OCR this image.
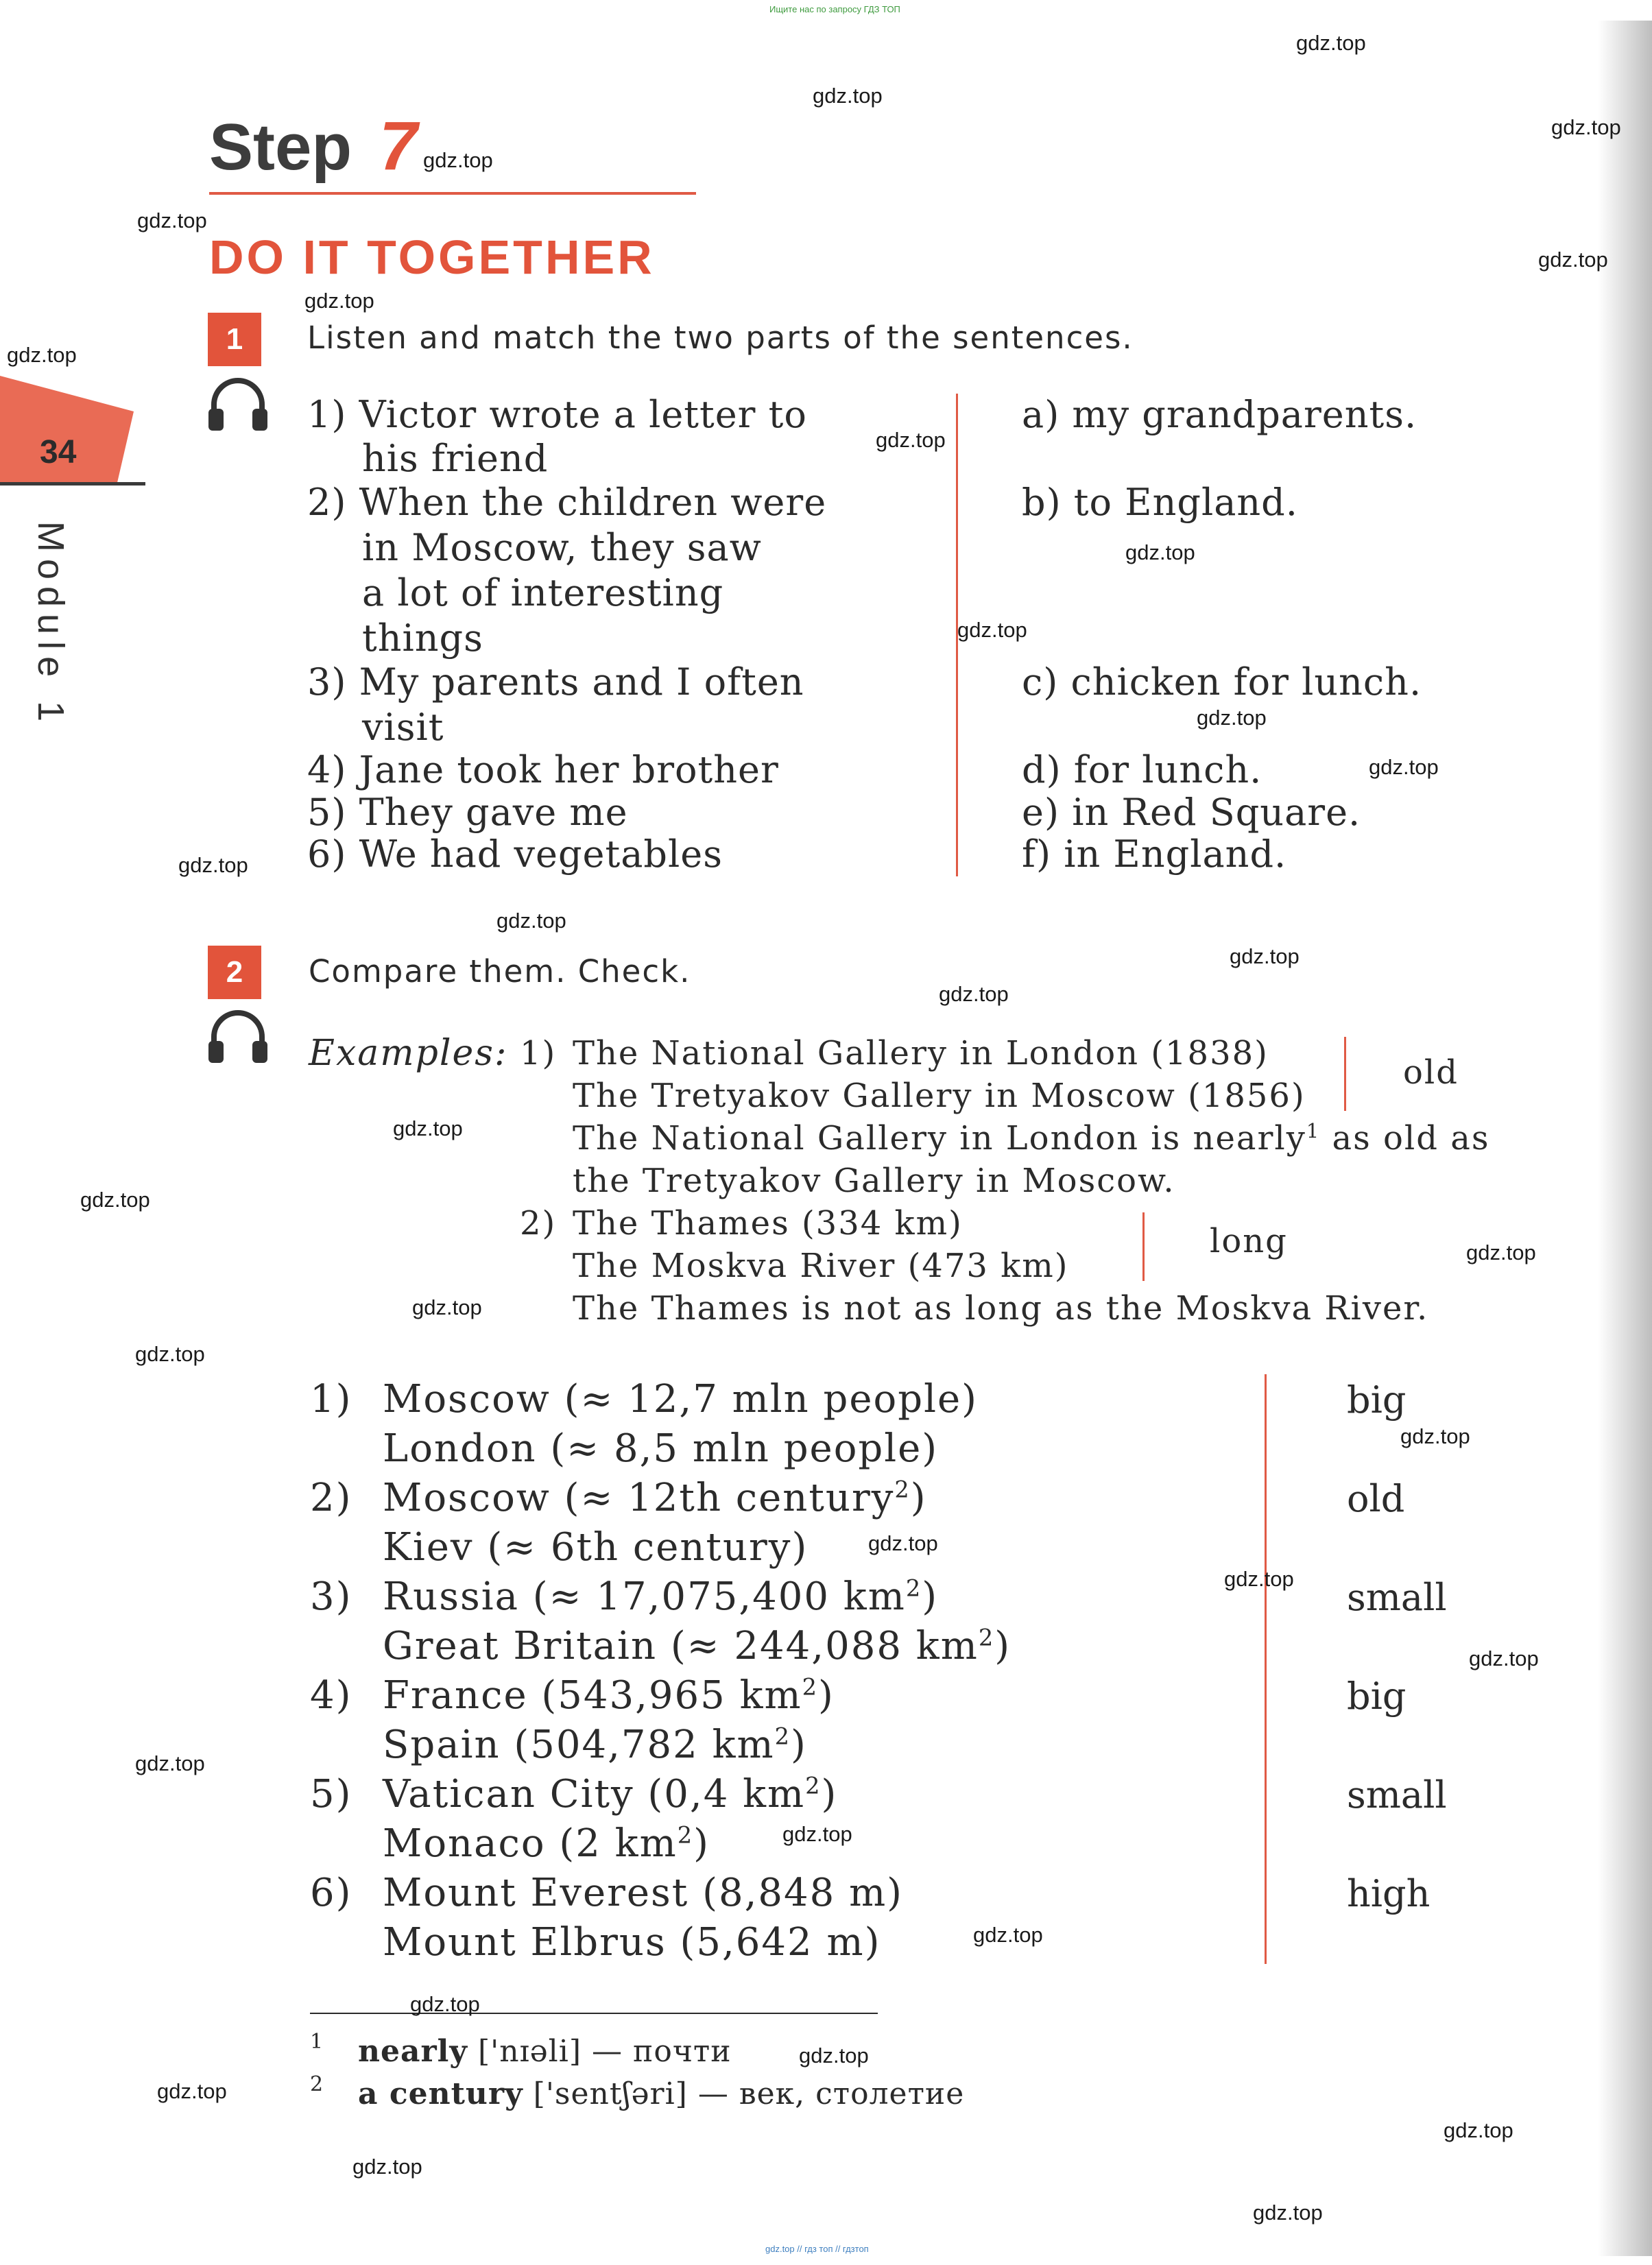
Ищите нас по запросу ГДЗ ТОП
34
Module 1
Step 7
DO IT TOGETHER
1	Listen and match the two parts of the sentences.
1) Victor wrote a letter to
his friend
2) When the children were
in Moscow, they saw
a lot of interesting
things
3) My parents and I often
visit
4) Jane took her brother
5) They gave me
6) We had vegetables
a) my grandparents.
b) to England.
c) chicken for lunch.
d) for lunch.
e) in Red Square.
f) in England.
2	Compare them. Check.
Examples: 1) The National Gallery in London (1838)
The Tretyakov Gallery in Moscow (1856)
old
The National Gallery in London is nearly$^1$ as old as
the Tretyakov Gallery in Moscow.
2) The Thames (334 km)
The Moskva River (473 km)
long
The Thames is not as long as the Moskva River.
1) Moscow (≈ 12,7 mln people)
London (≈ 8,5 mln people)
big
2) Moscow (≈ 12th century$^2$)
Kiev (≈ 6th century)
old
3) Russia (≈ 17,075,400 $km^2$)
Great Britain (≈ 244,088 $km^2$)
small
4) France (543,965 $km^2$)
Spain (504,782 $km^2$)
big
5) Vatican City (0,4 $km^2$)
Monaco (2 $km^2$)
small
6) Mount Everest (8,848 m)
Mount Elbrus (5,642 m)
high
1 nearly ['nɪəli] — почти
2 a century ['sentʃəri] — век, столетие
gdz.top
gdz.top
gdz.top
gdz.top
gdz.top
gdz.top
gdz.top
gdz.top
gdz.top
gdz.top
gdz.top
gdz.top
gdz.top
gdz.top
gdz.top
gdz.top
gdz.top
gdz.top
gdz.top
gdz.top
gdz.top
gdz.top
gdz.top
gdz.top
gdz.top
gdz.top
gdz.top
gdz.top
gdz.top
gdz.top
gdz.top
gdz.top
gdz.top
gdz.top
gdz.top
gdz.top // гдз топ // гдзтоп
